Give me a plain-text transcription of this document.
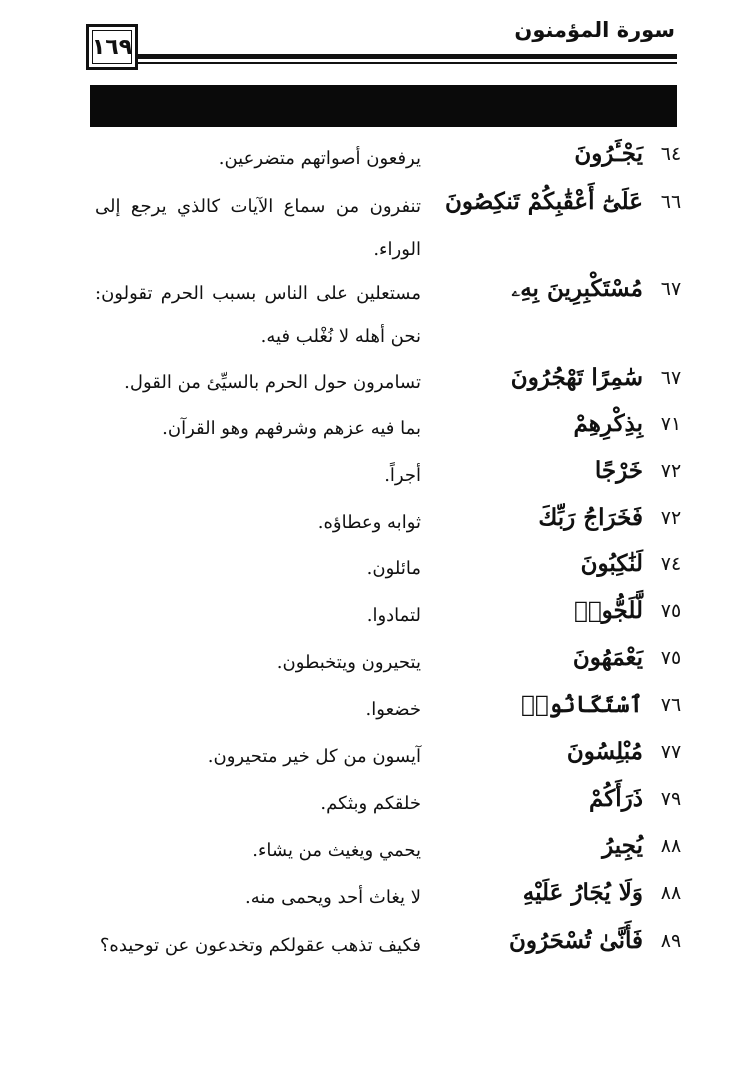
١٦٩
سورة المؤمنون
٦٤
يَجْـَٔرُونَ
يرفعون أصواتهم متضرعين.
٦٦
عَلَىٰٓ أَعْقَٰبِكُمْ تَنكِصُونَ
تنفرون من سماع الآيات كالذي يرجع إلى الوراء.
٦٧
مُسْتَكْبِرِينَ بِهِۦ
مستعلين على الناس بسبب الحرم تقولون: نحن أهله لا نُغْلب فيه.
٦٧
سَٰمِرًا تَهْجُرُونَ
تسامرون حول الحرم بالسيِّئ من القول.
٧١
بِذِكْرِهِمْ
بما فيه عزهم وشرفهم وهو القرآن.
٧٢
خَرْجًا
أجراً.
٧٢
فَخَرَاجُ رَبِّكَ
ثوابه وعطاؤه.
٧٤
لَنَٰكِبُونَ
مائلون.
٧٥
لَّلَجُّوا۟
لتمادوا.
٧٥
يَعْمَهُونَ
يتحيرون ويتخبطون.
٧٦
ٱسْتَكَانُوا۟
خضعوا.
٧٧
مُبْلِسُونَ
آيسون من كل خير متحيرون.
٧٩
ذَرَأَكُمْ
خلقكم وبثكم.
٨٨
يُجِيرُ
يحمي ويغيث من يشاء.
٨٨
وَلَا يُجَارُ عَلَيْهِ
لا يغاث أحد ويحمى منه.
٨٩
فَأَنَّىٰ تُسْحَرُونَ
فكيف تذهب عقولكم وتخدعون عن توحيده؟
